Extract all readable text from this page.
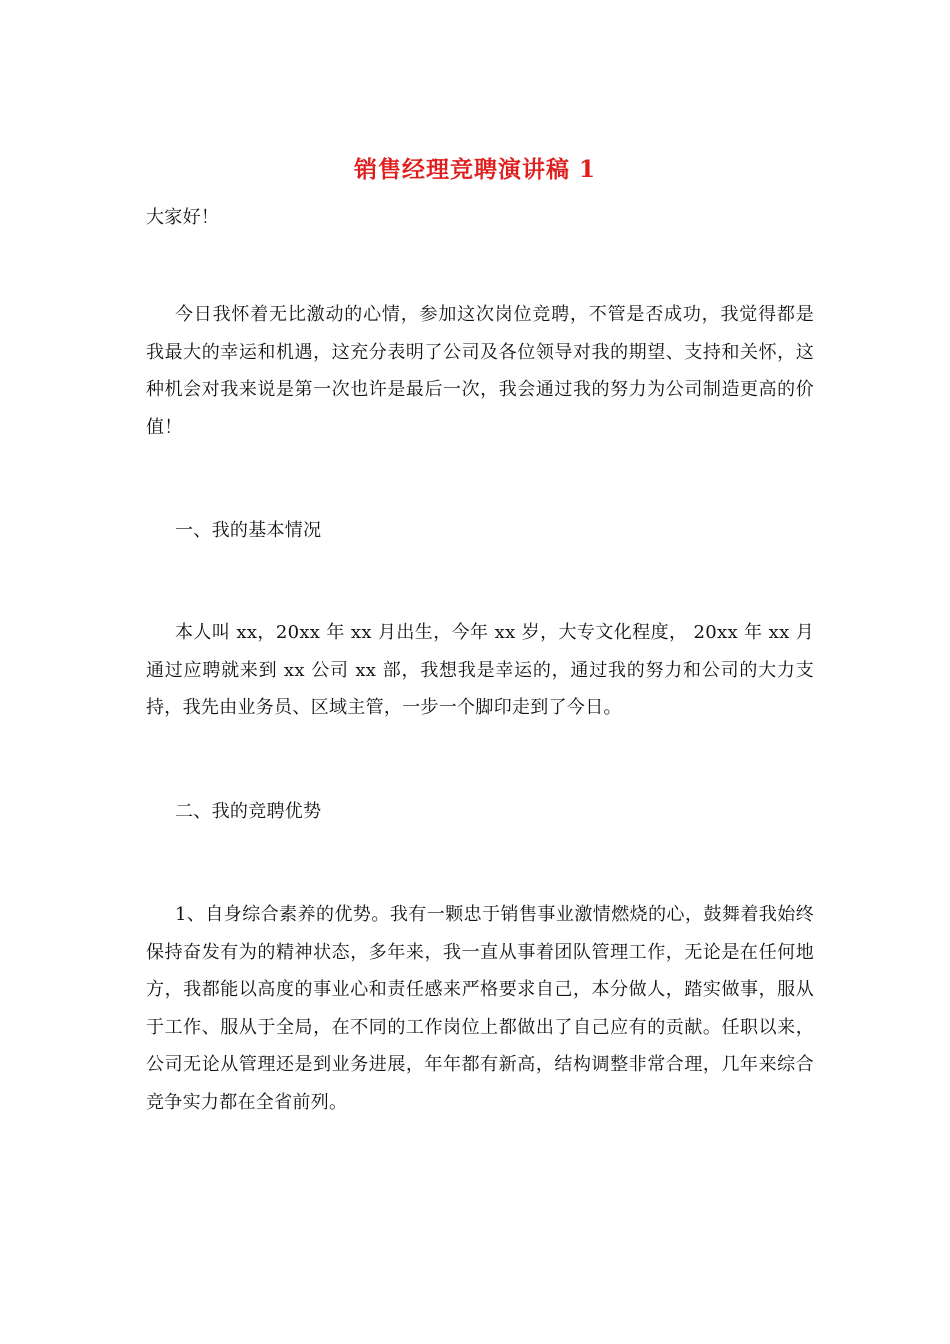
销售经理竞聘演讲稿 1

大家好！

今日我怀着无比激动的心情，参加这次岗位竞聘，不管是否成功，我觉得都是我最大的幸运和机遇，这充分表明了公司及各位领导对我的期望、支持和关怀，这种机会对我来说是第一次也许是最后一次，我会通过我的努力为公司制造更高的价值！

一、我的基本情况

本人叫 xx，20xx 年 xx 月出生，今年 xx 岁，大专文化程度， 20xx 年 xx 月通过应聘就来到 xx 公司 xx 部，我想我是幸运的，通过我的努力和公司的大力支持，我先由业务员、区域主管，一步一个脚印走到了今日。

二、我的竞聘优势

1、自身综合素养的优势。我有一颗忠于销售事业激情燃烧的心，鼓舞着我始终保持奋发有为的精神状态，多年来，我一直从事着团队管理工作，无论是在任何地方，我都能以高度的事业心和责任感来严格要求自己，本分做人，踏实做事，服从于工作、服从于全局，在不同的工作岗位上都做出了自己应有的贡献。任职以来，公司无论从管理还是到业务进展，年年都有新高，结构调整非常合理，几年来综合竞争实力都在全省前列。
